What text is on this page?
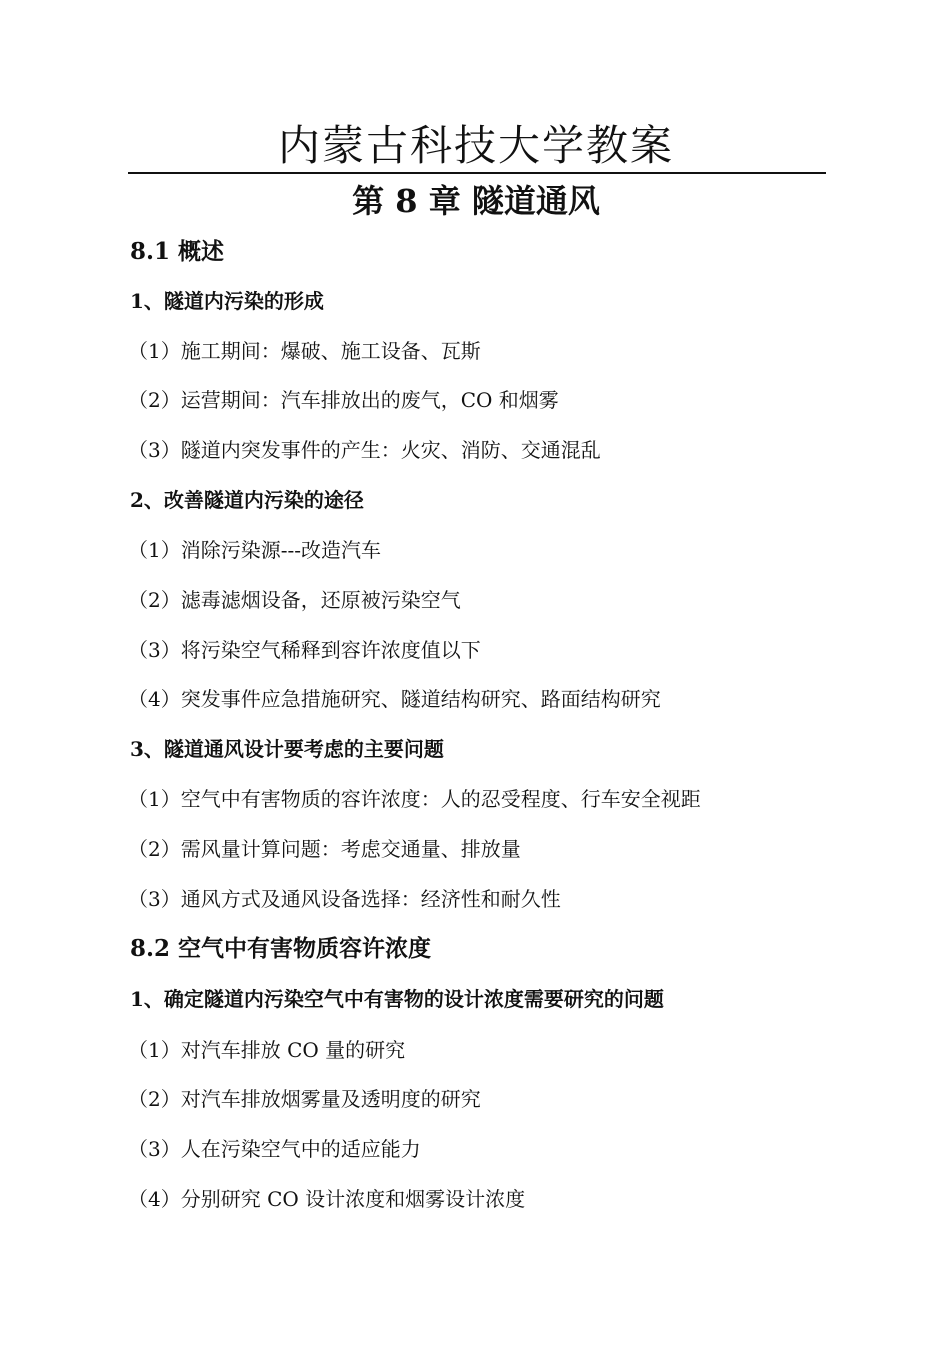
内蒙古科技大学教案
第 8 章 隧道通风
8.1 概述
1、隧道内污染的形成
（1）施工期间：爆破、施工设备、瓦斯
（2）运营期间：汽车排放出的废气，CO 和烟雾
（3）隧道内突发事件的产生：火灾、消防、交通混乱
2、改善隧道内污染的途径
（1）消除污染源---改造汽车
（2）滤毒滤烟设备，还原被污染空气
（3）将污染空气稀释到容许浓度值以下
（4）突发事件应急措施研究、隧道结构研究、路面结构研究
3、隧道通风设计要考虑的主要问题
（1）空气中有害物质的容许浓度：人的忍受程度、行车安全视距
（2）需风量计算问题：考虑交通量、排放量
（3）通风方式及通风设备选择：经济性和耐久性
8.2 空气中有害物质容许浓度
1、确定隧道内污染空气中有害物的设计浓度需要研究的问题
（1）对汽车排放 CO 量的研究
（2）对汽车排放烟雾量及透明度的研究
（3）人在污染空气中的适应能力
（4）分别研究 CO 设计浓度和烟雾设计浓度
